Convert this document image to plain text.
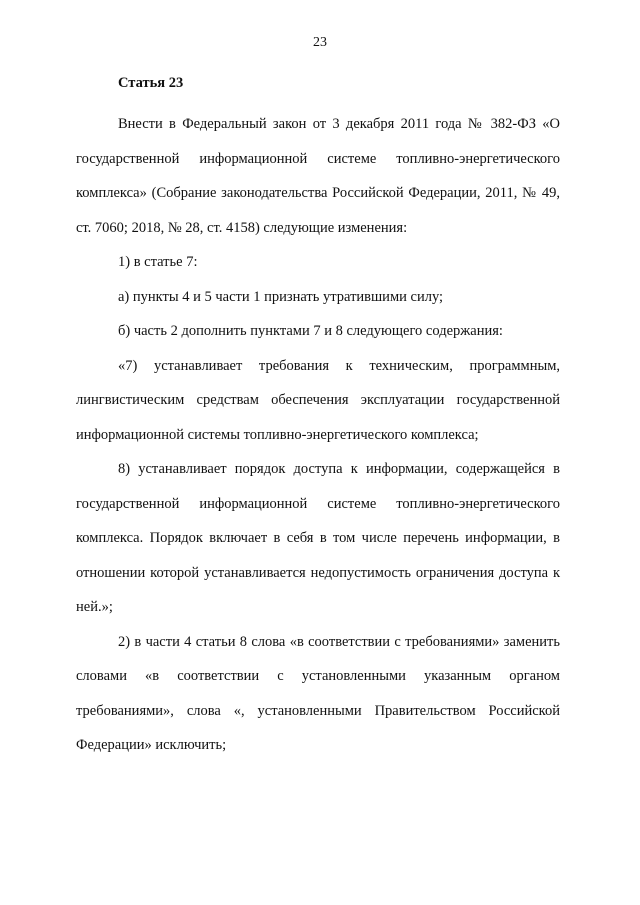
23
Статья 23

Внести в Федеральный закон от 3 декабря 2011 года № 382-ФЗ «О государственной информационной системе топливно-энергетического комплекса» (Собрание законодательства Российской Федерации, 2011, № 49, ст. 7060; 2018, № 28, ст. 4158) следующие изменения:

1) в статье 7:

а) пункты 4 и 5 части 1 признать утратившими силу;

б) часть 2 дополнить пунктами 7 и 8 следующего содержания:

«7) устанавливает требования к техническим, программным, лингвистическим средствам обеспечения эксплуатации государственной информационной системы топливно-энергетического комплекса;

8) устанавливает порядок доступа к информации, содержащейся в государственной информационной системе топливно-энергетического комплекса. Порядок включает в себя в том числе перечень информации, в отношении которой устанавливается недопустимость ограничения доступа к ней.»;

2) в части 4 статьи 8 слова «в соответствии с требованиями» заменить словами «в соответствии с установленными указанным органом требованиями», слова «, установленными Правительством Российской Федерации» исключить;
